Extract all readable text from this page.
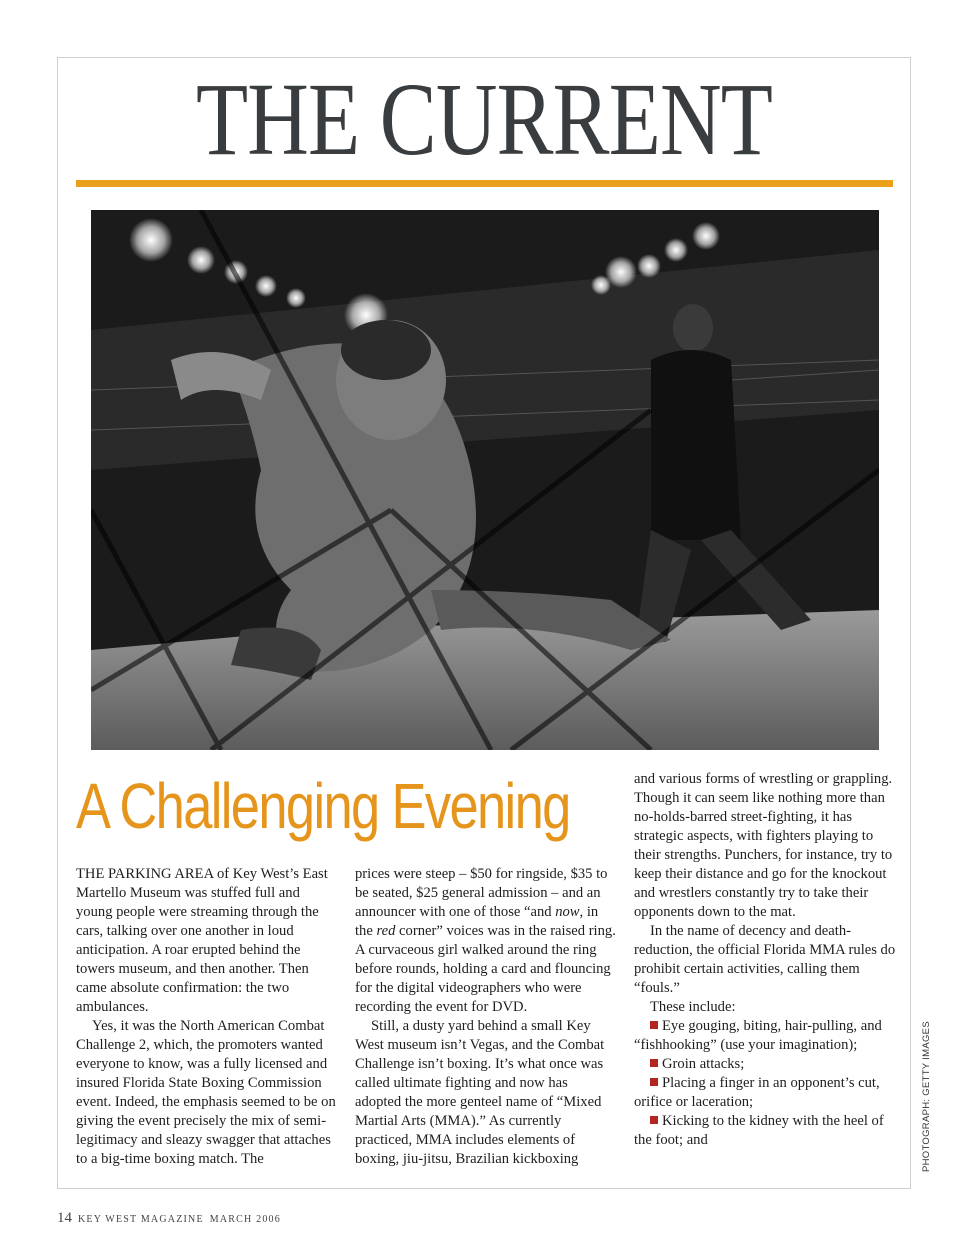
THE CURRENT
A Challenging Evening

THE PARKING AREA of Key West’s East Martello Museum was stuffed full and young people were streaming through the cars, talking over one another in loud anticipation. A roar erupted behind the towers museum, and then another. Then came absolute confirmation: the two ambulances.

Yes, it was the North American Combat Challenge 2, which, the promoters wanted everyone to know, was a fully licensed and insured Florida State Boxing Commission event. Indeed, the emphasis seemed to be on giving the event precisely the mix of semi-legitimacy and sleazy swagger that attaches to a big-time boxing match. The

prices were steep – $50 for ringside, $35 to be seated, $25 general admission – and an announcer with one of those “and now, in the red corner” voices was in the raised ring. A curvaceous girl walked around the ring before rounds, holding a card and flouncing for the digital videographers who were recording the event for DVD.

Still, a dusty yard behind a small Key West museum isn’t Vegas, and the Combat Challenge isn’t boxing. It’s what once was called ultimate fighting and now has adopted the more genteel name of “Mixed Martial Arts (MMA).” As currently practiced, MMA includes elements of boxing, jiu-jitsu, Brazilian kickboxing

and various forms of wrestling or grappling. Though it can seem like nothing more than no-holds-barred street-fighting, it has strategic aspects, with fighters playing to their strengths. Punchers, for instance, try to keep their distance and go for the knockout and wrestlers constantly try to take their opponents down to the mat.

In the name of decency and death-reduction, the official Florida MMA rules do prohibit certain activities, calling them “fouls.”

These include:

Eye gouging, biting, hair-pulling, and “fishhooking” (use your imagination);

Groin attacks;

Placing a finger in an opponent’s cut, orifice or laceration;

Kicking to the kidney with the heel of the foot; and	PHOTOGRAPH: GETTY IMAGES
14 KEY WEST MAGAZINE MARCH 2006
